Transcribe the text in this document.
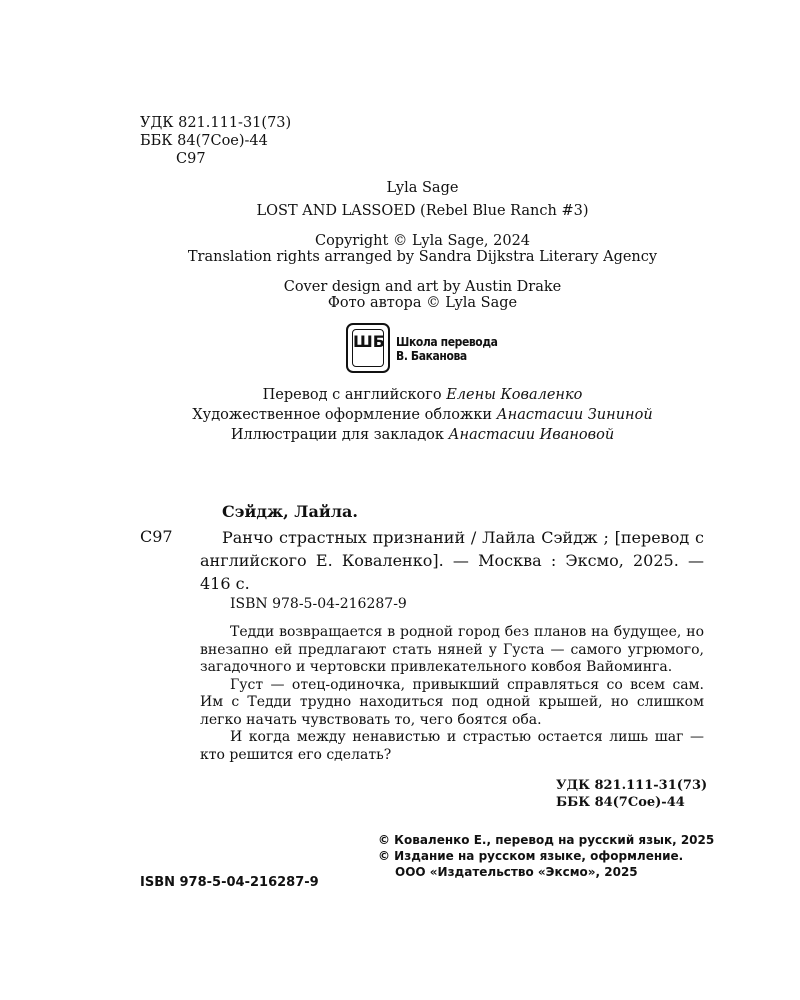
УДК 821.111-31(73)
ББК 84(7Сое)-44
С97
Lyla Sage
LOST AND LASSOED (Rebel Blue Ranch #3)
Copyright © Lyla Sage, 2024
Translation rights arranged by Sandra Dijkstra Literary Agency
Cover design and art by Austin Drake
Фото автора © Lyla Sage
ШБ Школа перевода
В. Баканова
Перевод с английского Елены Коваленко
Художественное оформление обложки Анастасии Зининой
Иллюстрации для закладок Анастасии Ивановой
Сэйдж, Лайла.
С97	Ранчо страстных признаний / Лайла Сэйдж ; [перевод с английского Е. Коваленко]. — Москва : Эксмо, 2025. — 416 с.
ISBN 978-5-04-216287-9

Тедди возвращается в родной город без планов на будущее, но внезапно ей предлагают стать няней у Густа — самого угрюмого, загадочного и чертовски привлекательного ковбоя Вайоминга.

Густ — отец-одиночка, привыкший справляться со всем сам. Им с Тедди трудно находиться под одной крышей, но слишком легко начать чувствовать то, чего боятся оба.

И когда между ненавистью и страстью остается лишь шаг — кто решится его сделать?

УДК 821.111-31(73)
ББК 84(7Сое)-44
© Коваленко Е., перевод на русский язык, 2025
© Издание на русском языке, оформление. ООО «Издательство «Эксмо», 2025
ISBN 978-5-04-216287-9
